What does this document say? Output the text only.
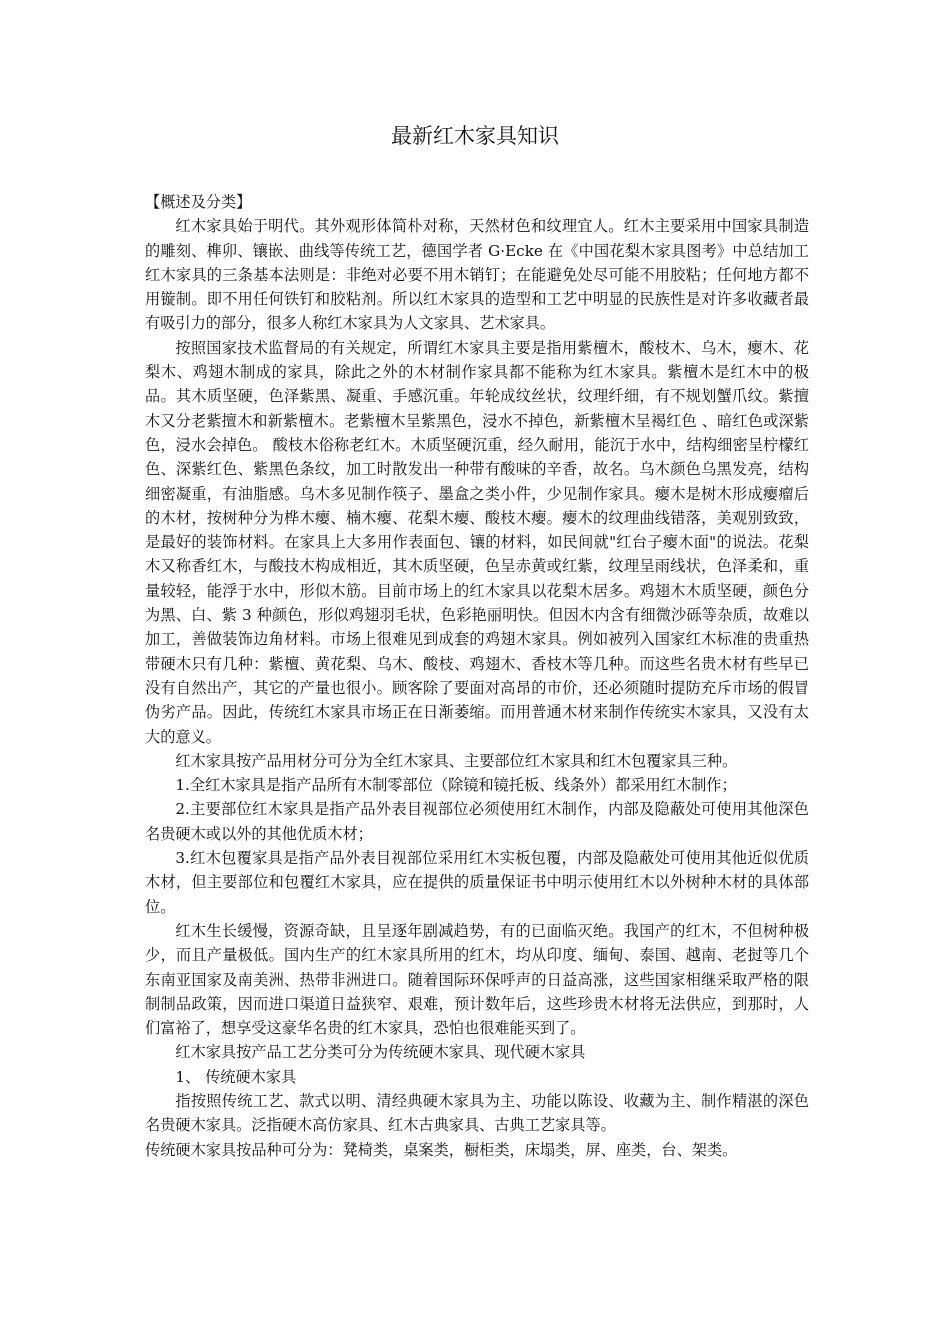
最新红木家具知识

【概述及分类】

红木家具始于明代。其外观形体简朴对称，天然材色和纹理宜人。红木主要采用中国家具制造的雕刻、榫卯、镶嵌、曲线等传统工艺，德国学者 G·Ecke 在《中国花梨木家具图考》中总结加工红木家具的三条基本法则是：非绝对必要不用木销钉；在能避免处尽可能不用胶粘；任何地方都不用镟制。即不用任何铁钉和胶粘剂。所以红木家具的造型和工艺中明显的民族性是对许多收藏者最有吸引力的部分，很多人称红木家具为人文家具、艺术家具。

按照国家技术监督局的有关规定，所谓红木家具主要是指用紫檀木，酸枝木、乌木，瘿木、花梨木、鸡翅木制成的家具，除此之外的木材制作家具都不能称为红木家具。紫檀木是红木中的极品。其木质坚硬，色泽紫黑、凝重、手感沉重。年轮成纹丝状，纹理纤细，有不规划蟹爪纹。紫擅木又分老紫擅木和新紫檀木。老紫檀木呈紫黑色，浸水不掉色，新紫檀木呈褐红色 、暗红色或深紫色，浸水会掉色。 酸枝木俗称老红木。木质坚硬沉重，经久耐用，能沉于水中，结构细密呈柠檬红色、深紫红色、紫黑色条纹，加工时散发出一种带有酸味的辛香，故名。乌木颜色乌黑发亮，结构细密凝重，有油脂感。乌木多见制作筷子、墨盒之类小件，少见制作家具。瘿木是树木形成瘿瘤后的木材，按树种分为桦木瘿、楠木瘿、花梨木瘿、酸枝木瘿。瘿木的纹理曲线错落，美观别致致，是最好的装饰材料。在家具上大多用作表面包、镶的材料，如民间就"红台子瘿木面"的说法。花梨木又称香红木，与酸技木构成相近，其木质坚硬，色呈赤黄或红紫，纹理呈雨线状，色泽柔和，重量较轻，能浮于水中，形似木筋。目前市场上的红木家具以花梨木居多。鸡翅木木质坚硬，颜色分为黑、白、紫 3 种颜色，形似鸡翅羽毛状，色彩艳丽明快。但因木内含有细微沙砾等杂质，故难以加工，善做装饰边角材料。市场上很难见到成套的鸡翅木家具。例如被列入国家红木标准的贵重热带硬木只有几种：紫檀、黄花梨、乌木、酸枝、鸡翅木、香枝木等几种。而这些名贵木材有些早已没有自然出产，其它的产量也很小。顾客除了要面对高昂的市价，还必须随时提防充斥市场的假冒伪劣产品。因此，传统红木家具市场正在日渐萎缩。而用普通木材来制作传统实木家具，又没有太大的意义。

红木家具按产品用材分可分为全红木家具、主要部位红木家具和红木包覆家具三种。

1.全红木家具是指产品所有木制零部位（除镜和镜托板、线条外）都采用红木制作；

2.主要部位红木家具是指产品外表目视部位必须使用红木制作，内部及隐蔽处可使用其他深色名贵硬木或以外的其他优质木材；

3.红木包覆家具是指产品外表目视部位采用红木实板包覆，内部及隐蔽处可使用其他近似优质木材，但主要部位和包覆红木家具，应在提供的质量保证书中明示使用红木以外树种木材的具体部位。

红木生长缓慢，资源奇缺，且呈逐年剧减趋势，有的已面临灭绝。我国产的红木，不但树种极少，而且产量极低。国内生产的红木家具所用的红木，均从印度、缅甸、泰国、越南、老挝等几个东南亚国家及南美洲、热带非洲进口。随着国际环保呼声的日益高涨，这些国家相继采取严格的限制制品政策，因而进口渠道日益狭窄、艰难，预计数年后，这些珍贵木材将无法供应，到那时，人们富裕了，想享受这豪华名贵的红木家具，恐怕也很难能买到了。

红木家具按产品工艺分类可分为传统硬木家具、现代硬木家具

1、 传统硬木家具

指按照传统工艺、款式以明、清经典硬木家具为主、功能以陈设、收藏为主、制作精湛的深色名贵硬木家具。泛指硬木高仿家具、红木古典家具、古典工艺家具等。

传统硬木家具按品种可分为：凳椅类，桌案类，橱柜类，床塌类，屏、座类，台、架类。
